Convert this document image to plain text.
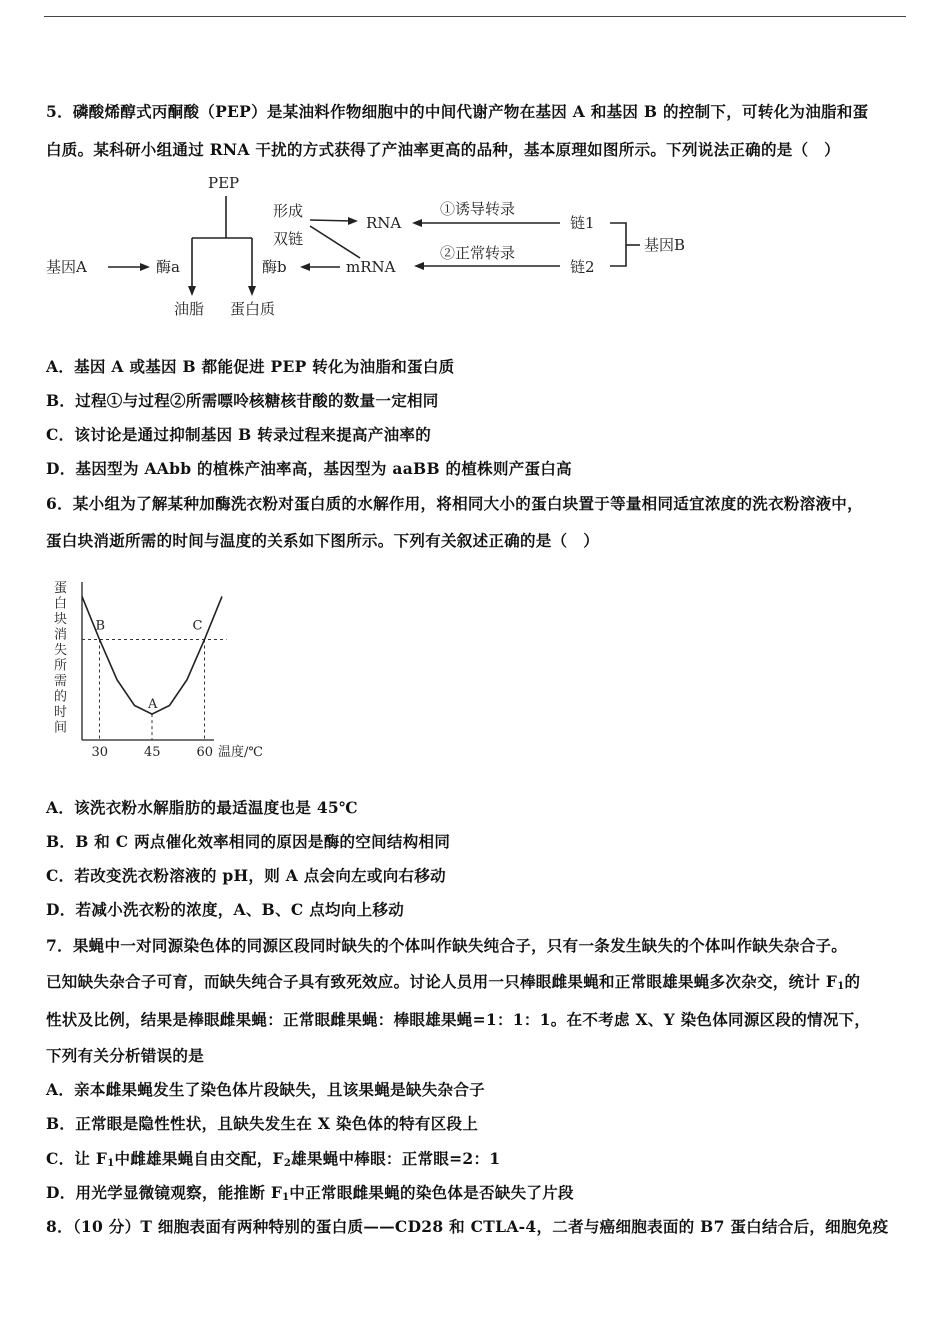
5．磷酸烯醇式丙酮酸（PEP）是某油料作物细胞中的中间代谢产物在基因 A 和基因 B 的控制下，可转化为油脂和蛋
白质。某科研小组通过 RNA 干扰的方式获得了产油率更高的品种，基本原理如图所示。下列说法正确的是（　）
PEP
形成
双链
RNA
mRNA
①诱导转录
②正常转录
链1
链2
基因B
基因A	酶a	酶b
油脂 蛋白质
A．基因 A 或基因 B 都能促进 PEP 转化为油脂和蛋白质
B．过程①与过程②所需嘌呤核糖核苷酸的数量一定相同
C．该讨论是通过抑制基因 B 转录过程来提高产油率的
D．基因型为 AAbb 的植株产油率高，基因型为 aaBB 的植株则产蛋白高
6．某小组为了解某种加酶洗衣粉对蛋白质的水解作用，将相同大小的蛋白块置于等量相同适宜浓度的洗衣粉溶液中，
蛋白块消逝所需的时间与温度的关系如下图所示。下列有关叙述正确的是（　）
蛋
白
块
消
失
所
需
的
时
间
30	45	60
B
A
C
温度/℃
A．该洗衣粉水解脂肪的最适温度也是 45℃
B．B 和 C 两点催化效率相同的原因是酶的空间结构相同
C．若改变洗衣粉溶液的 pH，则 A 点会向左或向右移动
D．若减小洗衣粉的浓度，A、B、C 点均向上移动
7．果蝇中一对同源染色体的同源区段同时缺失的个体叫作缺失纯合子，只有一条发生缺失的个体叫作缺失杂合子。
已知缺失杂合子可育，而缺失纯合子具有致死效应。讨论人员用一只棒眼雌果蝇和正常眼雄果蝇多次杂交，统计 $F_1$的
性状及比例，结果是棒眼雌果蝇：正常眼雌果蝇：棒眼雄果蝇=1：1：1。在不考虑 X、Y 染色体同源区段的情况下，
下列有关分析错误的是
A．亲本雌果蝇发生了染色体片段缺失，且该果蝇是缺失杂合子
B．正常眼是隐性性状，且缺失发生在 X 染色体的特有区段上
C．让 $F_1$中雌雄果蝇自由交配，$F_2$雄果蝇中棒眼：正常眼=2：1
D．用光学显微镜观察，能推断 $F_1$中正常眼雌果蝇的染色体是否缺失了片段
8．（10 分）T 细胞表面有两种特别的蛋白质——CD28 和 CTLA-4，二者与癌细胞表面的 B7 蛋白结合后，细胞免疫
